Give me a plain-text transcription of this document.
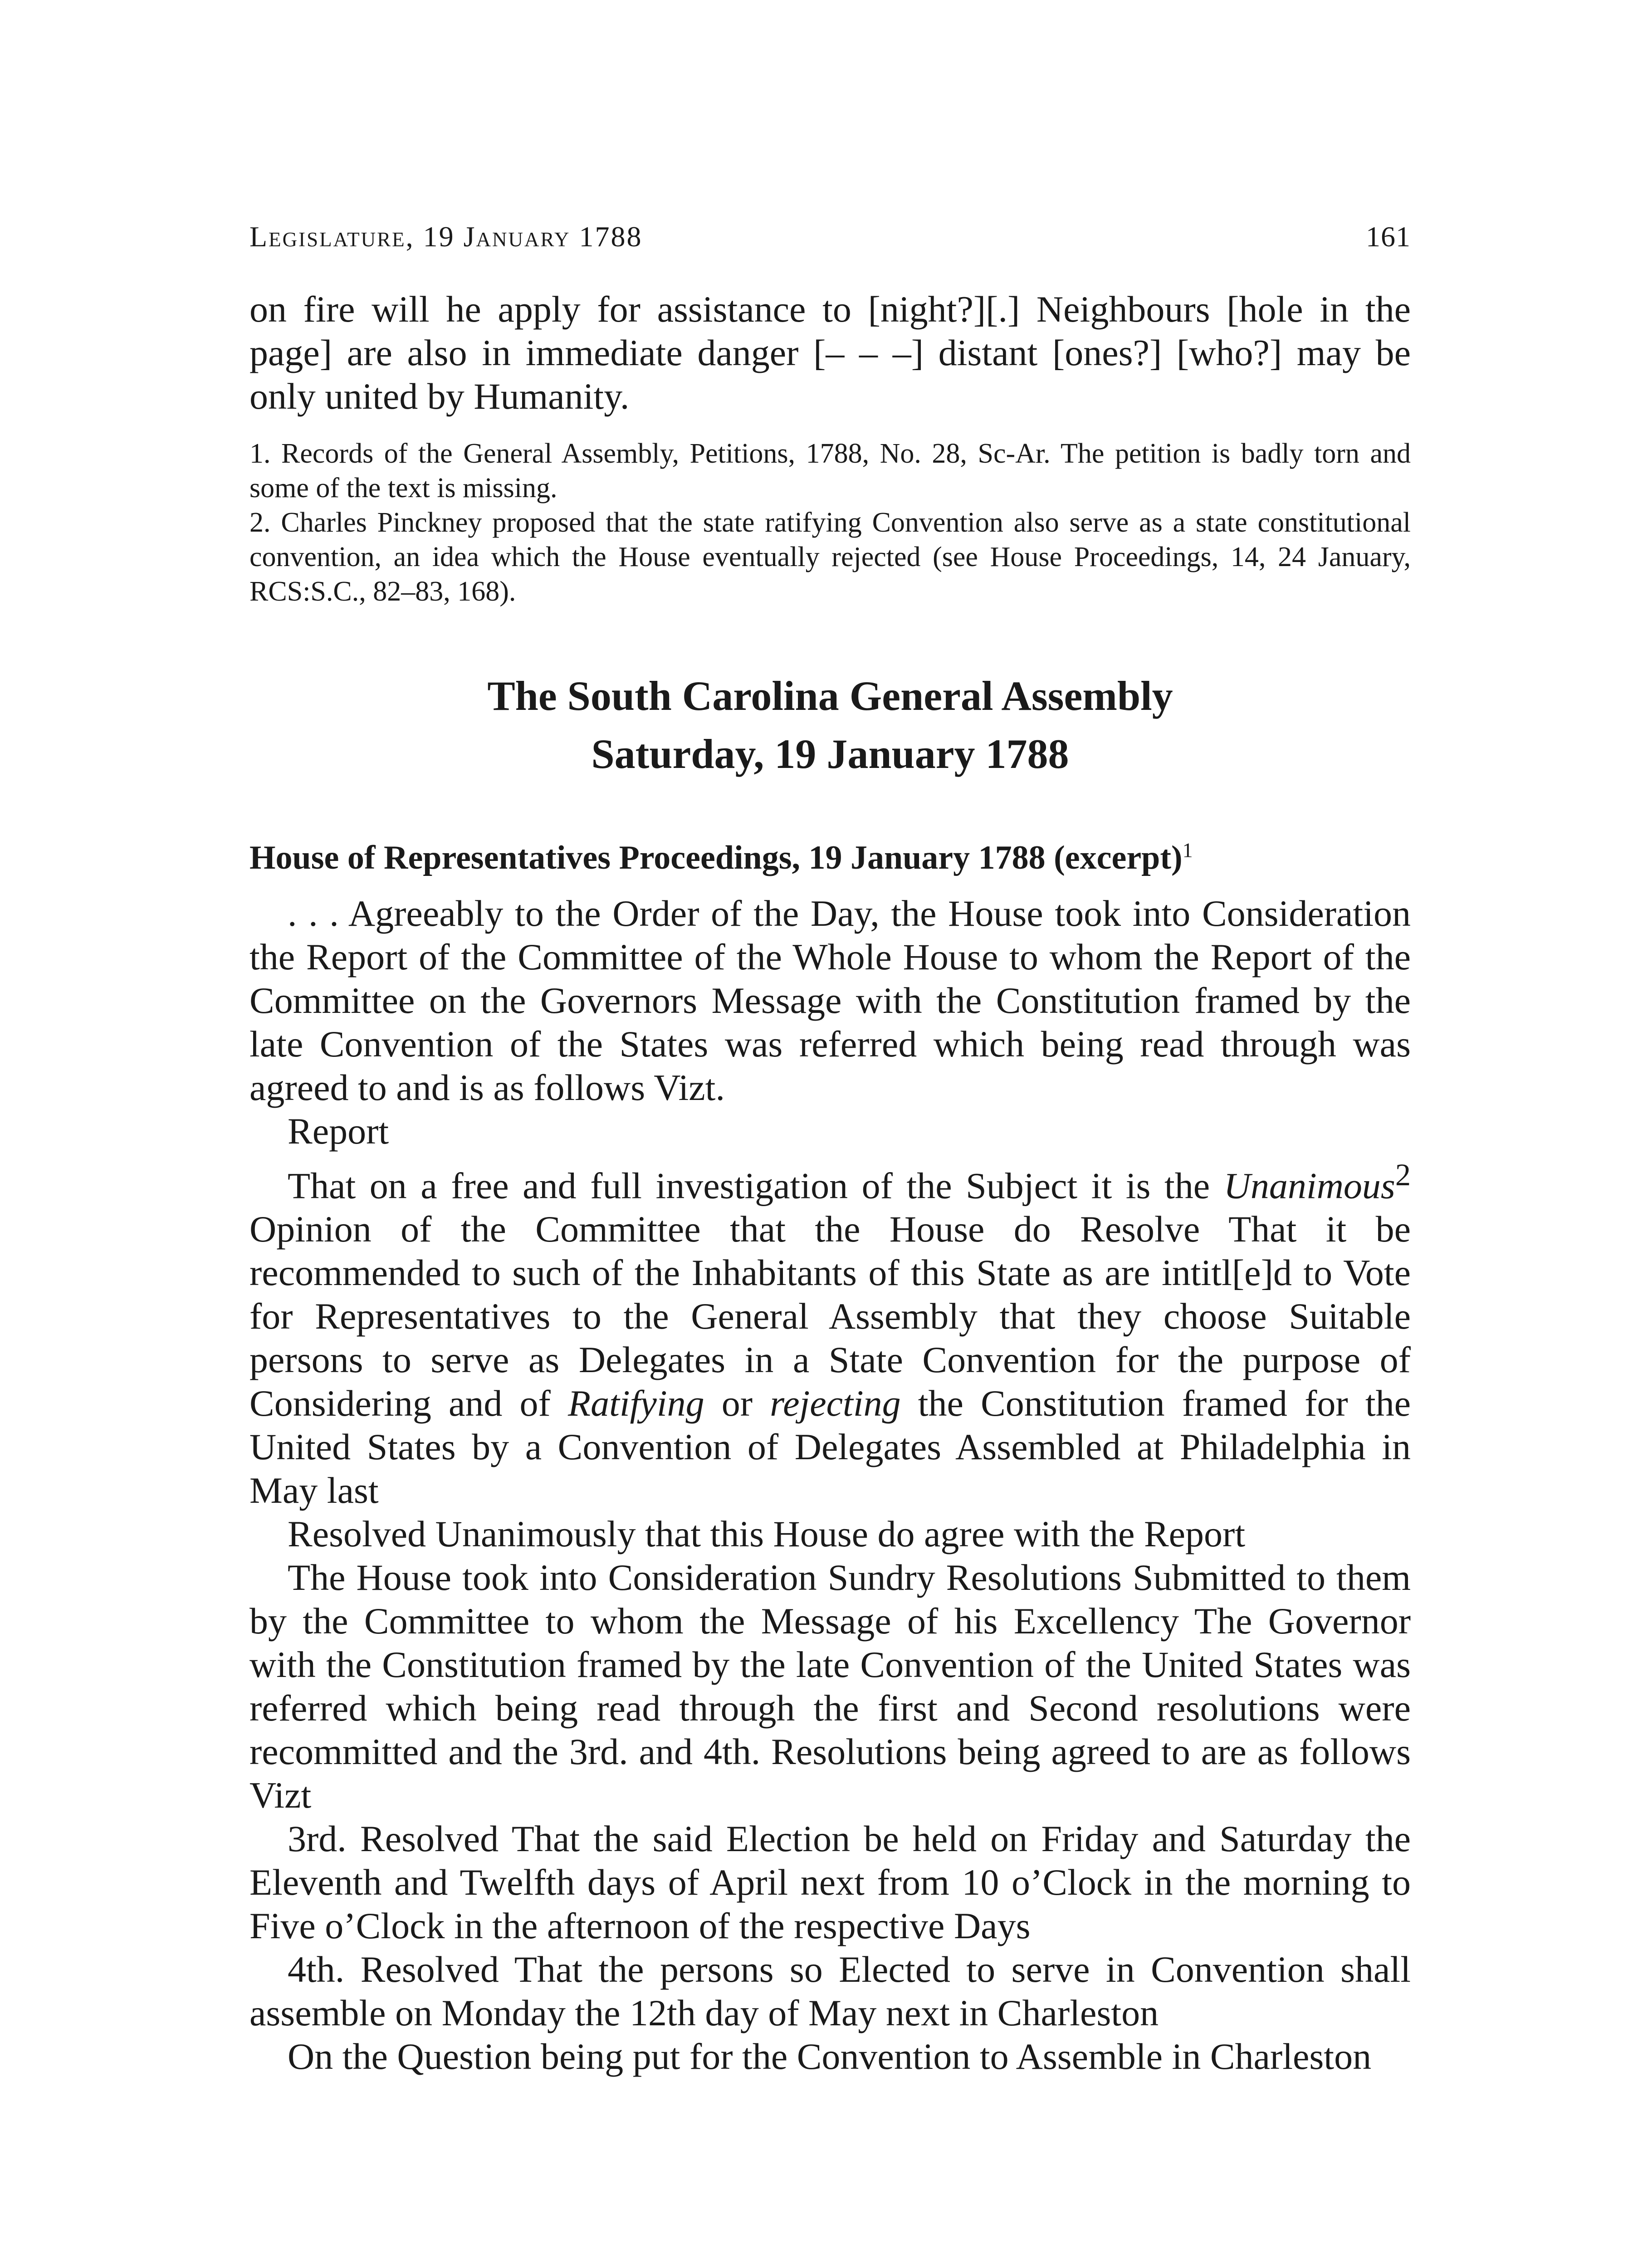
Legislature, 19 January 1788	161

on fire will he apply for assistance to [night?][.] Neighbours [hole in the page] are also in immediate danger [– – –] distant [ones?] [who?] may be only united by Humanity.

1. Records of the General Assembly, Petitions, 1788, No. 28, Sc-Ar. The petition is badly torn and some of the text is missing.

2. Charles Pinckney proposed that the state ratifying Convention also serve as a state constitutional convention, an idea which the House eventually rejected (see House Proceedings, 14, 24 January, RCS:S.C., 82–83, 168).

The South Carolina General Assembly
Saturday, 19 January 1788
House of Representatives Proceedings, 19 January 1788 (excerpt)$^1$

. . . Agreeably to the Order of the Day, the House took into Consideration the Report of the Committee of the Whole House to whom the Report of the Committee on the Governors Message with the Constitution framed by the late Convention of the States was referred which being read through was agreed to and is as follows Vizt.

Report

That on a free and full investigation of the Subject it is the Unanimous$^2$ Opinion of the Committee that the House do Resolve That it be recommended to such of the Inhabitants of this State as are intitl[e]d to Vote for Representatives to the General Assembly that they choose Suitable persons to serve as Delegates in a State Convention for the purpose of Considering and of Ratifying or rejecting the Constitution framed for the United States by a Convention of Delegates Assembled at Philadelphia in May last

Resolved Unanimously that this House do agree with the Report

The House took into Consideration Sundry Resolutions Submitted to them by the Committee to whom the Message of his Excellency The Governor with the Constitution framed by the late Convention of the United States was referred which being read through the first and Second resolutions were recommitted and the 3rd. and 4th. Resolutions being agreed to are as follows Vizt

3rd. Resolved That the said Election be held on Friday and Saturday the Eleventh and Twelfth days of April next from 10 o’Clock in the morning to Five o’Clock in the afternoon of the respective Days

4th. Resolved That the persons so Elected to serve in Convention shall assemble on Monday the 12th day of May next in Charleston

On the Question being put for the Convention to Assemble in Charleston
